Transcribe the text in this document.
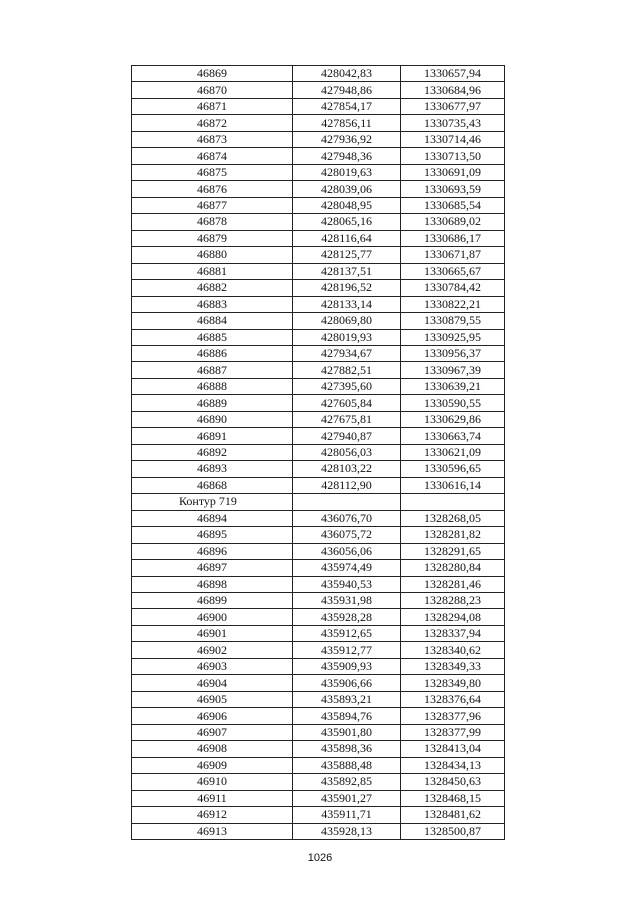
46869	428042,83	1330657,94
46870	427948,86	1330684,96
46871	427854,17	1330677,97
46872	427856,11	1330735,43
46873	427936,92	1330714,46
46874	427948,36	1330713,50
46875	428019,63	1330691,09
46876	428039,06	1330693,59
46877	428048,95	1330685,54
46878	428065,16	1330689,02
46879	428116,64	1330686,17
46880	428125,77	1330671,87
46881	428137,51	1330665,67
46882	428196,52	1330784,42
46883	428133,14	1330822,21
46884	428069,80	1330879,55
46885	428019,93	1330925,95
46886	427934,67	1330956,37
46887	427882,51	1330967,39
46888	427395,60	1330639,21
46889	427605,84	1330590,55
46890	427675,81	1330629,86
46891	427940,87	1330663,74
46892	428056,03	1330621,09
46893	428103,22	1330596,65
46868	428112,90	1330616,14
Контур 719		
46894	436076,70	1328268,05
46895	436075,72	1328281,82
46896	436056,06	1328291,65
46897	435974,49	1328280,84
46898	435940,53	1328281,46
46899	435931,98	1328288,23
46900	435928,28	1328294,08
46901	435912,65	1328337,94
46902	435912,77	1328340,62
46903	435909,93	1328349,33
46904	435906,66	1328349,80
46905	435893,21	1328376,64
46906	435894,76	1328377,96
46907	435901,80	1328377,99
46908	435898,36	1328413,04
46909	435888,48	1328434,13
46910	435892,85	1328450,63
46911	435901,27	1328468,15
46912	435911,71	1328481,62
46913	435928,13	1328500,87
1026
